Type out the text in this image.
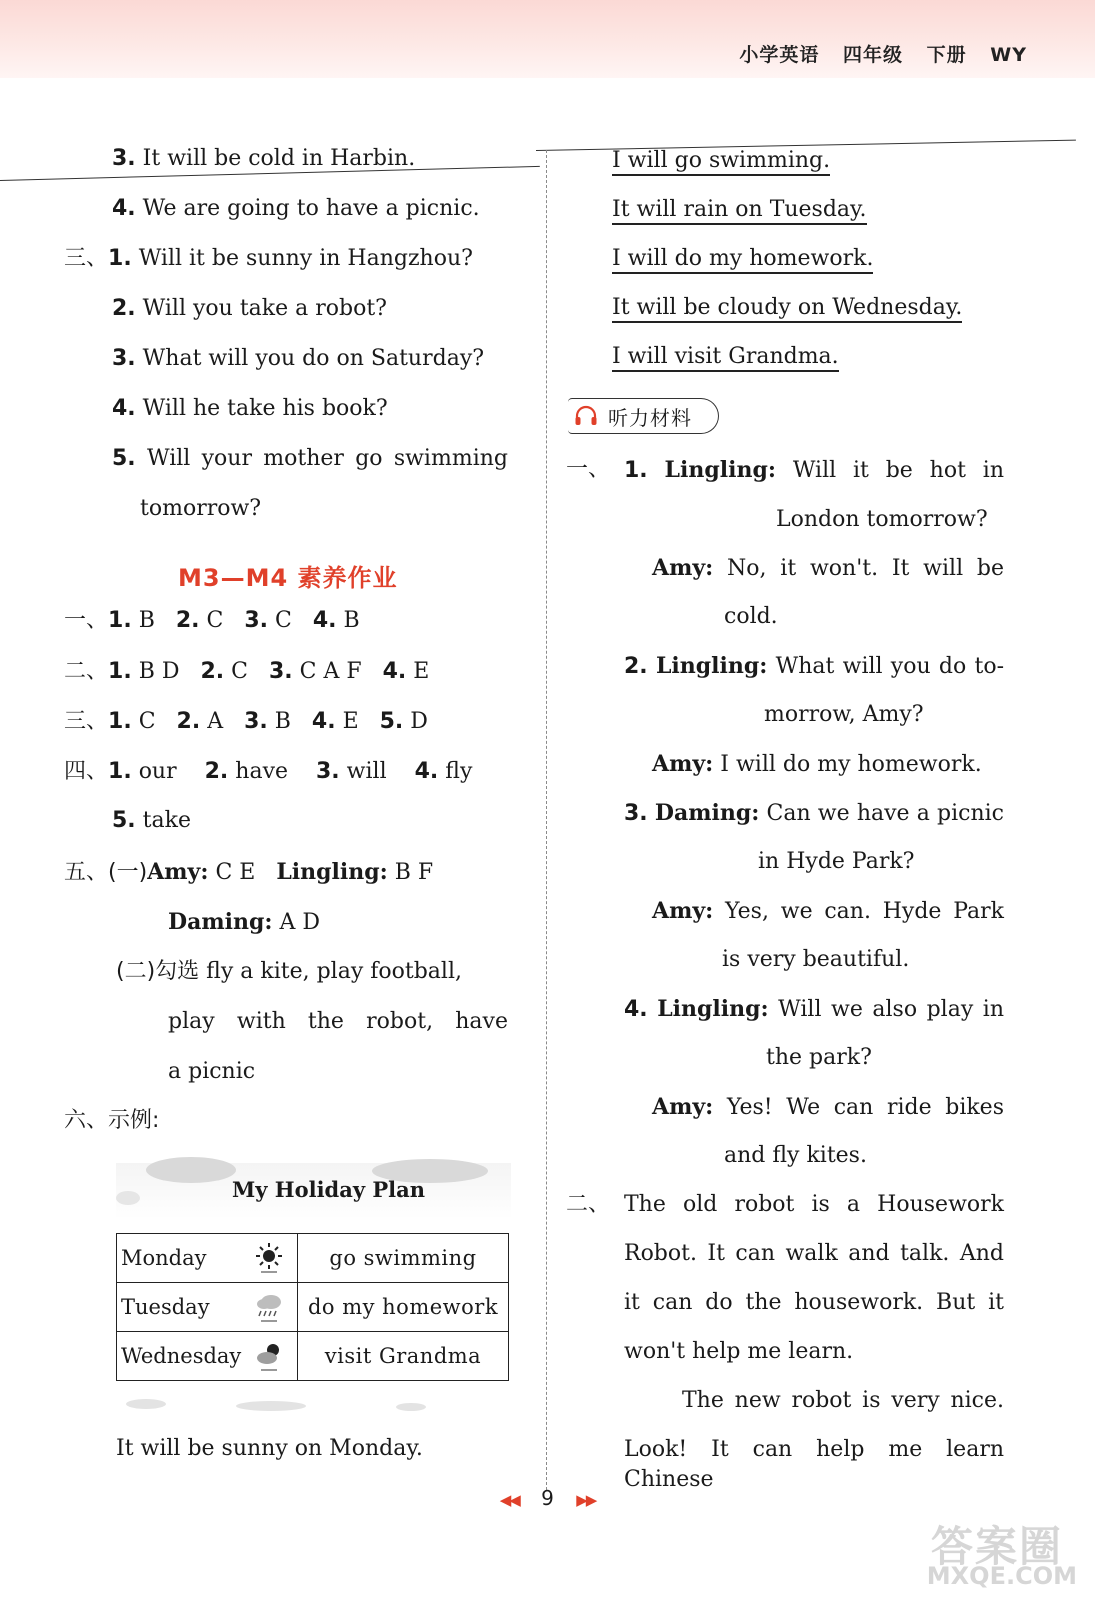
小学英语 四年级 下册 WY
3. It will be cold in Harbin.
4. We are going to have a picnic.
三、1. Will it be sunny in Hangzhou?
2. Will you take a robot?
3. What will you do on Saturday?
4. Will he take his book?
5. Will your mother go swimming
tomorrow?
M3—M4 素养作业
一、1. B 2. C 3. C 4. B
二、1. B D 2. C 3. C A F 4. E
三、1. C 2. A 3. B 4. E 5. D
四、1. our 2. have 3. will 4. fly
5. take
五、(一)Amy: C E Lingling: B F
Daming: A D
(二)勾选 fly a kite, play football,
play with the robot, have
a picnic
六、示例:
My Holiday Plan
Monday	go swimming
Tuesday	do my homework
Wednesday	visit Grandma
It will be sunny on Monday.
I will go swimming.
It will rain on Tuesday.
I will do my homework.
It will be cloudy on Wednesday.
I will visit Grandma.
听力材料
一、 1. Lingling: Will it be hot in
London tomorrow?
Amy: No, it won't. It will be
cold.
2. Lingling: What will you do to-
morrow, Amy?
Amy: I will do my homework.
3. Daming: Can we have a picnic
in Hyde Park?
Amy: Yes, we can. Hyde Park
is very beautiful.
4. Lingling: Will we also play in
the park?
Amy: Yes! We can ride bikes
and fly kites.
二、 The old robot is a Housework
Robot. It can walk and talk. And
it can do the housework. But it
won't help me learn.
The new robot is very nice.
Look! It can help me learn Chinese
◀◀ 9 ▶▶
答案圈
MXQE.COM
